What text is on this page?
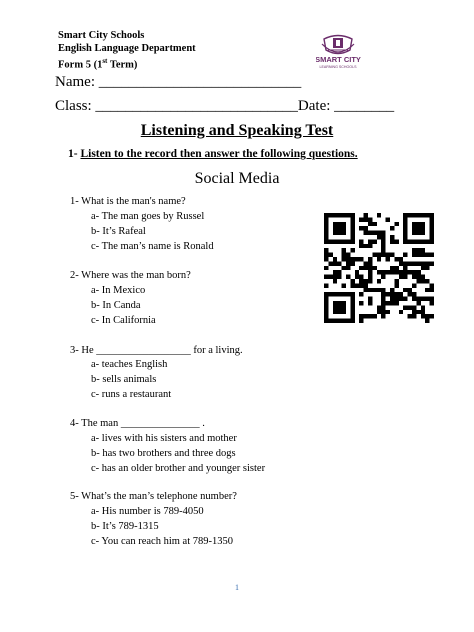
Smart City Schools
English Language Department
Form 5 (1st Term)	SMART CITY
LEARNING SCHOOLS
Name: ___________________________
Class: ___________________________Date: ________
Listening and Speaking Test
1- Listen to the record then answer the following questions.
Social Media
1- What is the man's name?
a- The man goes by Russel
b- It’s Rafeal
c- The man’s name is Ronald
2- Where was the man born?
a- In Mexico
b- In Canda
c- In California
3- He __________________ for a living.
a- teaches English
b- sells animals
c- runs a restaurant
4- The man _______________ .
a- lives with his sisters and mother
b- has two brothers and three dogs
c- has an older brother and younger sister
5- What’s the man’s telephone number?
a- His number is 789-4050
b- It’s 789-1315
c- You can reach him at 789-1350
1
